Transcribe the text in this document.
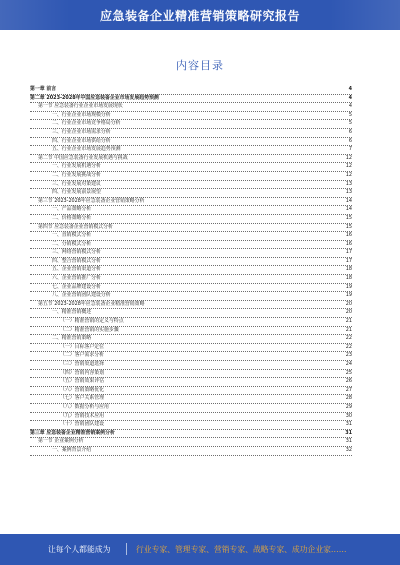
应急装备企业精准营销策略研究报告
内容目录
第一章 前言	4
第二章 2023-2028年中国应急装备企业市场发展趋势预测	4
第一节 应急装备行业企业市场发展现状	4
一、行业企业市场规模分析	5
二、行业企业市场竞争格局分析	5
三、行业企业市场需求分析	6
四、行业企业市场供给分析	6
五、行业企业市场发展趋势预测	7
第二节 中国应急装备行业发展机遇与挑战	12
一、行业发展机遇分析	12
二、行业发展挑战分析	12
三、行业发展对策建议	13
四、行业发展前景展望	13
第三节 2023-2028年应急装备企业营销策略分析	14
一、产品策略分析	14
二、价格策略分析	15
第四节 应急装备企业营销模式分析	15
一、直销模式分析	16
二、分销模式分析	16
三、网络营销模式分析	17
四、整合营销模式分析	17
五、企业营销渠道分析	18
六、企业营销推广分析	18
七、企业品牌建设分析	19
八、企业营销团队建设分析	19
第五节 2023-2028年应急装备企业精准营销策略	20
一、精准营销概述	20
（一）精准营销的定义与特点	21
（二）精准营销的实施步骤	21
二、精准营销策略	22
（一）目标客户定位	22
（二）客户需求分析	23
（三）营销渠道选择	24
（四）营销内容策划	25
（五）营销效果评估	26
（六）营销策略优化	27
（七）客户关系管理	28
（八）数据分析与应用	29
（九）营销技术应用	30
（十）营销团队建设	31
第三章 应急装备企业精准营销案例分析	31
第一节 企业案例分析	31
一、案例背景介绍	32
让每个人都能成为	行业专家、管理专家、营销专家、战略专家、成功企业家……
